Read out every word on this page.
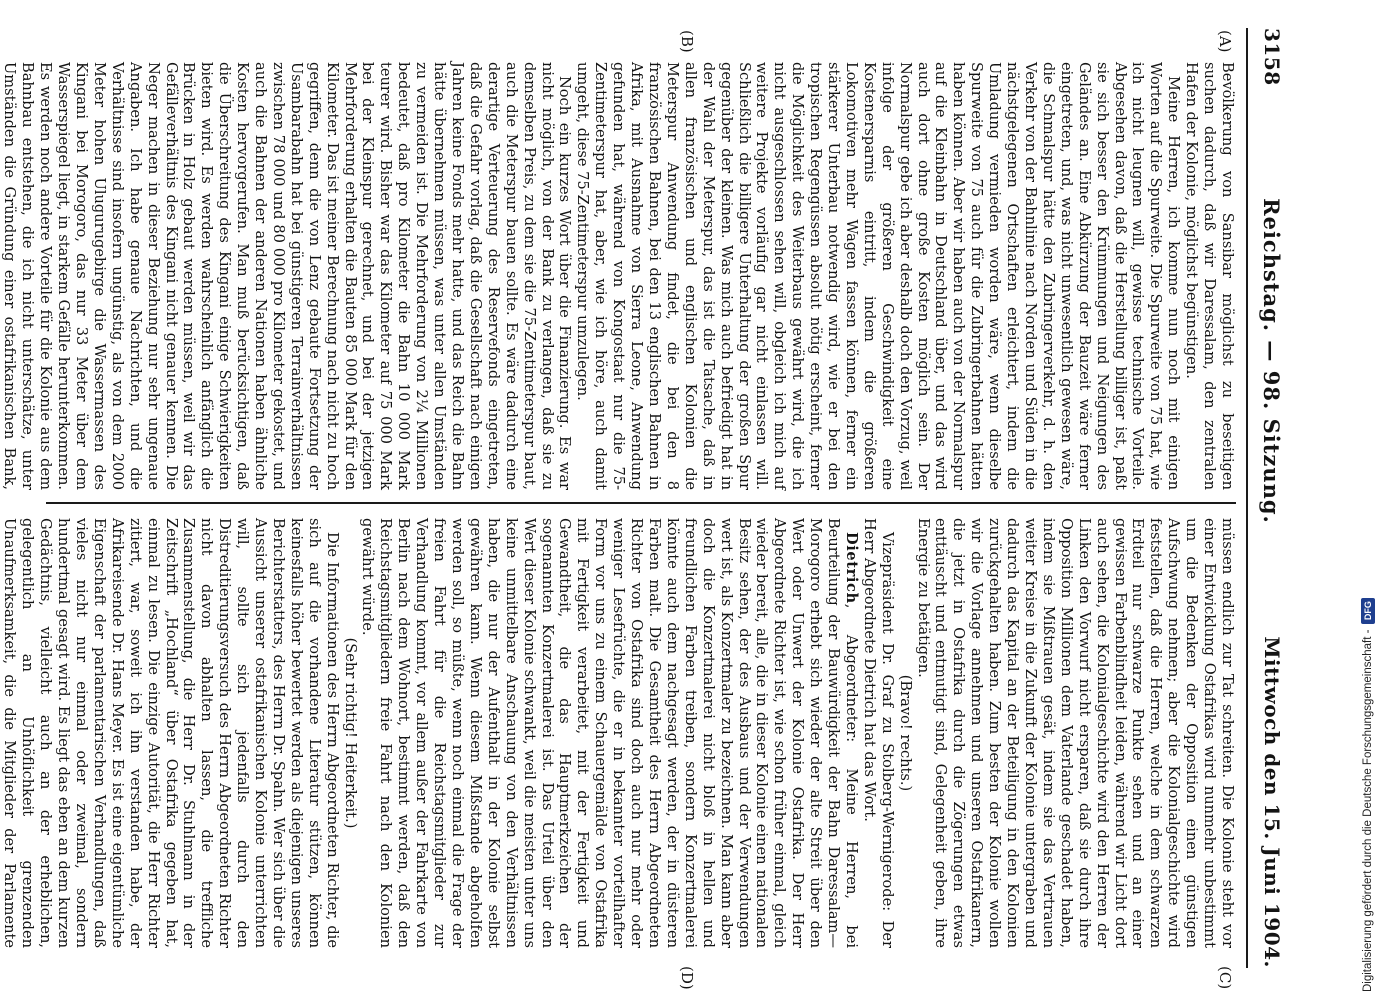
3158
Reichstag. — 98. Sitzung.
Mittwoch den 15. Juni 1904.
(A)
(B)
(C)
(D)

Bevölkerung von Sansibar möglichst zu beseitigen suchen dadurch, daß wir Daressalam, den zentralen Hafen der Kolonie, möglichst begünstigen.

Meine Herren, ich komme nun noch mit einigen Worten auf die Spurweite. Die Spurweite von 75 hat, wie ich nicht leugnen will, gewisse technische Vorteile. Abgesehen davon, daß die Herstellung billiger ist, paßt sie sich besser den Krümmungen und Neigungen des Geländes an. Eine Abkürzung der Bauzeit wäre ferner eingetreten, und, was nicht unwesentlich gewesen wäre, die Schmalspur hätte den Zubringerverkehr, d. h. den Verkehr von der Bahnlinie nach Norden und Süden in die nächstgelegenen Ortschaften erleichtert, indem die Umladung vermieden worden wäre, wenn dieselbe Spurweite von 75 auch für die Zubringerbahnen hätten haben können. Aber wir haben auch von der Normalspur auf die Kleinbahn in Deutschland über, und das wird auch dort ohne große Kosten möglich sein. Der Normalspur gebe ich aber deshalb doch den Vorzug, weil infolge der größeren Geschwindigkeit eine Kostenersparnis eintritt, indem die größeren Lokomotiven mehr Wagen fassen können, ferner ein stärkerer Unterbau notwendig wird, wie er bei den tropischen Regengüssen absolut nötig erscheint, ferner die Möglichkeit des Weiterbaus gewährt wird, die ich nicht ausgeschlossen sehen will, obgleich ich mich auf weitere Projekte vorläufig gar nicht einlassen will. Schließlich die billigere Unterhaltung der großen Spur gegenüber der kleinen. Was mich auch befriedigt hat in der Wahl der Meterspur, das ist die Tatsache, daß in allen französischen und englischen Kolonien die Meterspur Anwendung findet, die bei den 8 französischen Bahnen, bei den 13 englischen Bahnen in Afrika, mit Ausnahme von Sierra Leone, Anwendung gefunden hat, während von Kongostaat nur die 75-Zentimeterspur hat, aber, wie ich höre, auch damit umgeht, diese 75-Zentimeterspur umzulegen.

Noch ein kurzes Wort über die Finanzierung. Es war nicht möglich, von der Bank zu verlangen, daß sie zu demselben Preis, zu dem sie die 75-Zentimeterspur baut, auch die Meterspur bauen sollte. Es wäre dadurch eine derartige Verteuerung des Reservefonds eingetreten, daß die Gefahr vorlag, daß die Gesellschaft nach einigen Jahren keine Fonds mehr hatte, und das Reich die Bahn hätte übernehmen müssen, was unter allen Umständen zu vermeiden ist. Die Mehrforderung von 2¼ Millionen bedeutet, daß pro Kilometer die Bahn 10 000 Mark teurer wird. Bisher war das Kilometer auf 75 000 Mark bei der Kleinspur gerechnet, und bei der jetzigen Mehrforderung erhalten die Bauten 85 000 Mark für den Kilometer. Das ist meiner Berechnung nach nicht zu hoch gegriffen, denn die von Lenz gebaute Fortsetzung der Usambarabahn hat bei günstigeren Terrainverhältnissen zwischen 78 000 und 80 000 pro Kilometer gekostet, und auch die Bahnen der anderen Nationen haben ähnliche Kosten hervorgerufen. Man muß berücksichtigen, daß die Überschreitung des Kingani einige Schwierigkeiten bieten wird. Es werden wahrscheinlich anfänglich die Brücken in Holz gebaut werden müssen, weil wir das Gefälleverhältnis des Kingani nicht genauer kennen. Die Neger machen in dieser Beziehung nur sehr ungenaue Angaben. Ich habe genaue Nachrichten, und die Verhältnisse sind insofern ungünstig, als von dem 2000 Meter hohen Ulugurugebirge die Wassermassen des Kingani bei Morogoro, das nur 33 Meter über dem Wasserspiegel liegt, in starkem Gefälle herunterkommen. Es werden noch andere Vorteile für die Kolonie aus dem Bahnbau entstehen, die ich nicht unterschätze, unter Umständen die Gründung einer ostafrikanischen Bank,

müssen endlich zur Tat schreiten. Die Kolonie steht vor einer Entwicklung Ostafrikas wird nunmehr unbestimmt um die Bedenken der Opposition einen günstigen Aufschwung nehmen; aber die Kolonialgeschichte wird feststellen, daß die Herren, welche in dem schwarzen Erdteil nur schwarze Punkte sehen und an einer gewissen Farbenblindheit leiden, während wir Licht dort auch sehen, die Kolonialgeschichte wird den Herren der Linken den Vorwurf nicht ersparen, daß sie durch ihre Opposition Millionen dem Vaterlande geschadet haben, indem sie Mißtrauen gesät, indem sie das Vertrauen weiter Kreise in die Zukunft der Kolonie untergraben und dadurch das Kapital an der Beteiligung in den Kolonien zurückgehalten haben. Zum besten der Kolonie wollen wir die Vorlage annehmen und unseren Ostafrikanern, die jetzt in Ostafrika durch die Zögerungen etwas enttäuscht und entmutigt sind, Gelegenheit geben, ihre Energie zu betätigen.

(Bravo! rechts.)

Vizepräsident Dr. Graf zu Stolberg-Wernigerode: Der Herr Abgeordnete Dietrich hat das Wort.

Dietrich, Abgeordneter: Meine Herren, bei Beurteilung der Bauwürdigkeit der Bahn Daressalam—Morogoro erhebt sich wieder der alte Streit über den Wert oder Unwert der Kolonie Ostafrika. Der Herr Abgeordnete Richter ist, wie schon früher einmal, gleich wieder bereit, alle, die in dieser Kolonie einen nationalen Besitz sehen, der des Ausbaus und der Verwendungen wert ist, als Konzertmaler zu bezeichnen. Man kann aber doch die Konzertmalerei nicht bloß in hellen und freundlichen Farben treiben, sondern Konzertmalerei könnte auch dem nachgesagt werden, der in düsteren Farben malt. Die Gesamtheit des Herrn Abgeordneten Richter von Ostafrika sind doch auch nur mehr oder weniger Lesefrüchte, die er in bekannter vorteilhafter Form vor uns zu einem Schauergemälde von Ostafrika mit Fertigkeit verarbeitet, mit der Fertigkeit und Gewandtheit, die das Hauptmerkzeichen der sogenannten Konzertmalerei ist. Das Urteil über den Wert dieser Kolonie schwankt, weil die meisten unter uns keine unmittelbare Anschauung von den Verhältnissen haben, die nur der Aufenthalt in der Kolonie selbst gewähren kann. Wenn diesem Mißstande abgeholfen werden soll, so müßte, wenn noch einmal die Frage der freien Fahrt für die Reichstagsmitglieder zur Verhandlung kommt, vor allem außer der Fahrkarte von Berlin nach dem Wohnort, bestimmt werden, daß den Reichstagsmitgliedern freie Fahrt nach den Kolonien gewährt würde.

(Sehr richtig! Heiterkeit.)

Die Informationen des Herrn Abgeordneten Richter, die sich auf die vorhandene Literatur stützen, können keinesfalls höher bewertet werden als diejenigen unseres Berichterstatters, des Herrn Dr. Spahn. Wer sich über die Aussicht unserer ostafrikanischen Kolonie unterrichten will, sollte sich jedenfalls durch den Distreditierungsversuch des Herrn Abgeordneten Richter nicht davon abhalten lassen, die treffliche Zusammenstellung, die Herr Dr. Stuhlmann in der Zeitschrift „Hochland“ über Ostafrika gegeben hat, einmal zu lesen. Die einzige Autorität, die Herr Richter zitiert, war, soweit ich ihn verstanden habe, der Afrikareisende Dr. Hans Meyer. Es ist eine eigentümliche Eigenschaft der parlamentarischen Verhandlungen, daß vieles nicht nur einmal oder zweimal, sondern hundertmal gesagt wird. Es liegt das eben an dem kurzen Gedächtnis, vielleicht auch an der erheblichen, gelegentlich an Unhöflichkeit grenzenden Unaufmerksamkeit, die die Mitglieder der Parlamente	Digitalisierung gefördert durch die Deutsche Forschungsgemeinschaft -
DFG
